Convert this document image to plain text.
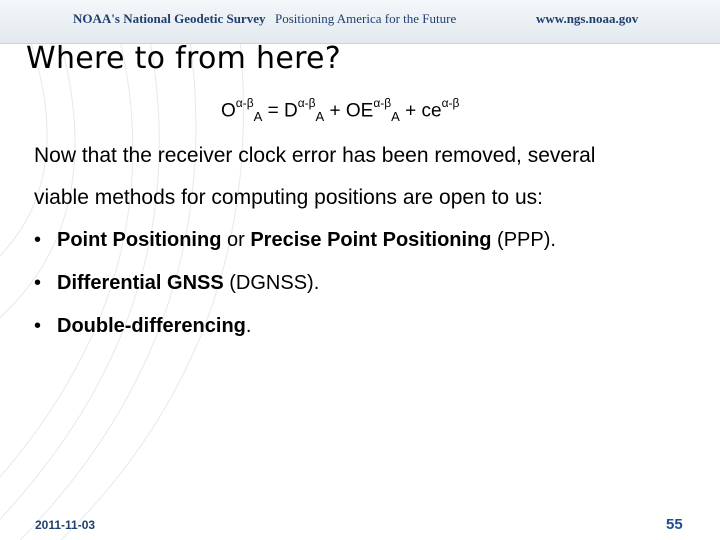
NOAA's National Geodetic Survey Positioning America for the Future	www.ngs.noaa.gov
Where to from here?
$O^{\alpha-\beta}_A = D^{\alpha-\beta}_A + OE^{\alpha-\beta}_A + ce^{\alpha-\beta}$
Now that the receiver clock error has been removed, several
viable methods for computing positions are open to us:
• Point Positioning or Precise Point Positioning (PPP).
• Differential GNSS (DGNSS).
• Double-differencing.
2011-11-03	55
